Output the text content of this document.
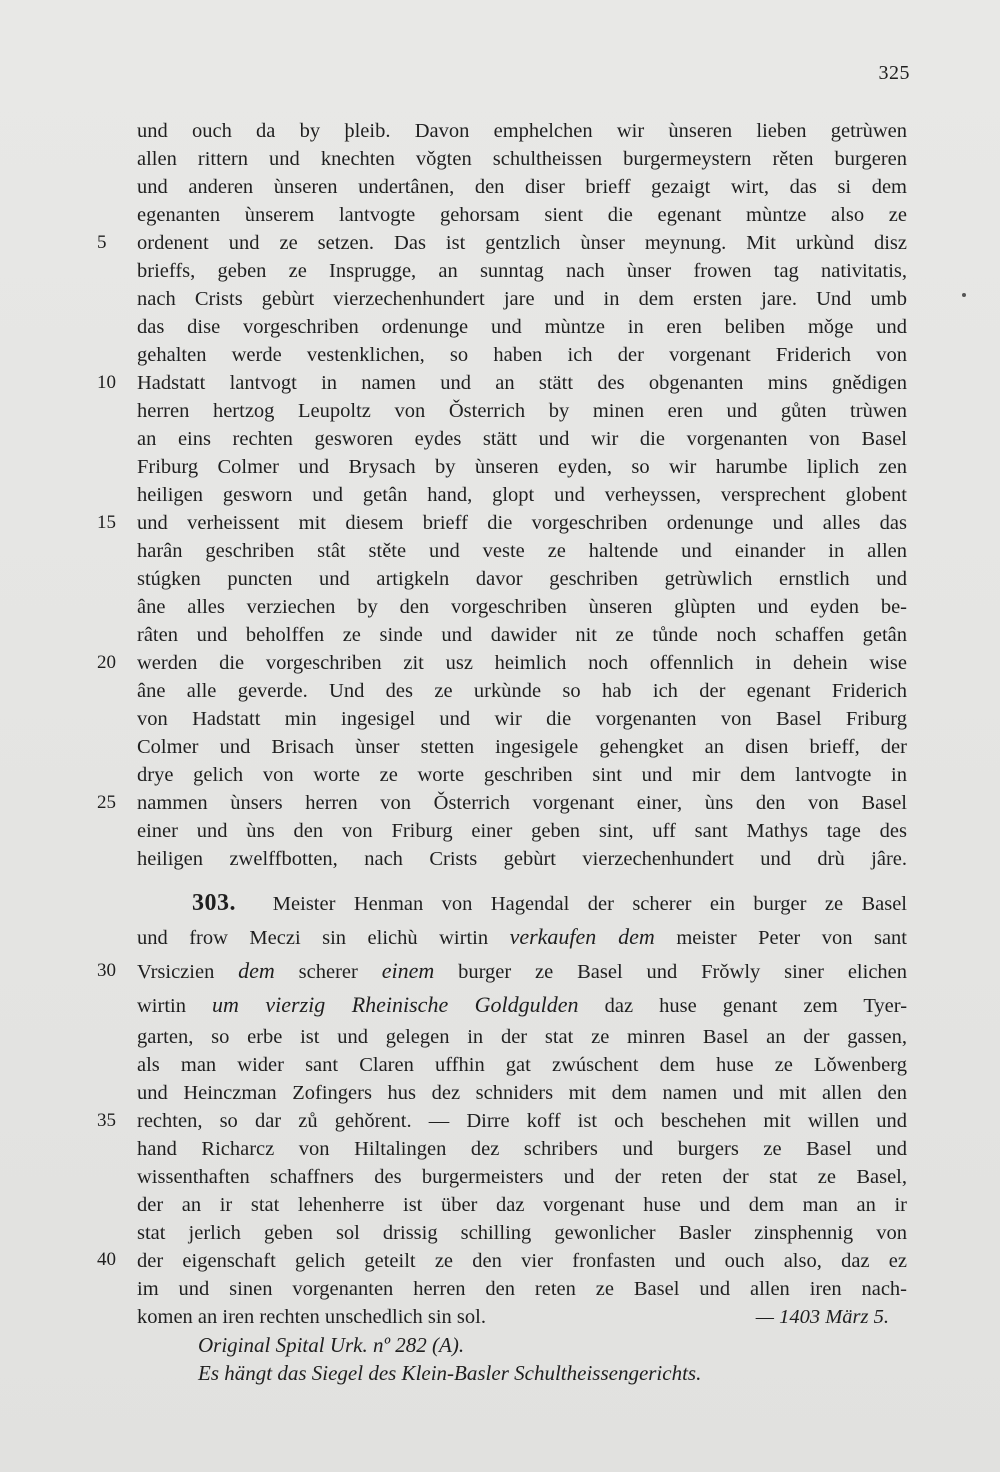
325
5
10
15
20
25
30
35
40
und ouch da by þleib. Davon emphelchen wir ùnseren lieben getrùwen
allen rittern und knechten vǒgten schultheissen burgermeystern rěten burgeren
und anderen ùnseren undertânen, den diser brieff gezaigt wirt, das si dem
egenanten ùnserem lantvogte gehorsam sient die egenant mùntze also ze
ordenent und ze setzen. Das ist gentzlich ùnser meynung. Mit urkùnd disz
brieffs, geben ze Insprugge, an sunntag nach ùnser frowen tag nativitatis,
nach Crists gebùrt vierzechenhundert jare und in dem ersten jare. Und umb
das dise vorgeschriben ordenunge und mùntze in eren beliben mǒge und
gehalten werde vestenklichen, so haben ich der vorgenant Friderich von
Hadstatt lantvogt in namen und an stätt des obgenanten mins gnědigen
herren hertzog Leupoltz von Ǒsterrich by minen eren und gůten trùwen
an eins rechten gesworen eydes stätt und wir die vorgenanten von Basel
Friburg Colmer und Brysach by ùnseren eyden, so wir harumbe liplich zen
heiligen gesworn und getân hand, glopt und verheyssen, versprechent globent
und verheissent mit diesem brieff die vorgeschriben ordenunge und alles das
harân geschriben stât stěte und veste ze haltende und einander in allen
stúgken puncten und artigkeln davor geschriben getrùwlich ernstlich und
âne alles verziechen by den vorgeschriben ùnseren glùpten und eyden be-
râten und beholffen ze sinde und dawider nit ze tůnde noch schaffen getân
werden die vorgeschriben zit usz heimlich noch offennlich in dehein wise
âne alle geverde. Und des ze urkùnde so hab ich der egenant Friderich
von Hadstatt min ingesigel und wir die vorgenanten von Basel Friburg
Colmer und Brisach ùnser stetten ingesigele gehengket an disen brieff, der
drye gelich von worte ze worte geschriben sint und mir dem lantvogte in
nammen ùnsers herren von Ǒsterrich vorgenant einer, ùns den von Basel
einer und ùns den von Friburg einer geben sint, uff sant Mathys tage des
heiligen zwelffbotten, nach Crists gebùrt vierzechenhundert und drù jâre.
303. Meister Henman von Hagendal der scherer ein burger ze Basel
und frow Meczi sin elichù wirtin verkaufen dem meister Peter von sant
Vrsiczien dem scherer einem burger ze Basel und Frǒwly siner elichen
wirtin um vierzig Rheinische Goldgulden daz huse genant zem Tyer-
garten, so erbe ist und gelegen in der stat ze minren Basel an der gassen,
als man wider sant Claren uffhin gat zwúschent dem huse ze Lǒwenberg
und Heinczman Zofingers hus dez schniders mit dem namen und mit allen den
rechten, so dar zů gehǒrent. — Dirre koff ist och beschehen mit willen und
hand Richarcz von Hiltalingen dez schribers und burgers ze Basel und
wissenthaften schaffners des burgermeisters und der reten der stat ze Basel,
der an ir stat lehenherre ist über daz vorgenant huse und dem man an ir
stat jerlich geben sol drissig schilling gewonlicher Basler zinsphennig von
der eigenschaft gelich geteilt ze den vier fronfasten und ouch also, daz ez
im und sinen vorgenanten herren den reten ze Basel und allen iren nach-
komen an iren rechten unschedlich sin sol.	— 1403 März 5.
Original Spital Urk. nº 282 (A).
Es hängt das Siegel des Klein-Basler Schultheissengerichts.
